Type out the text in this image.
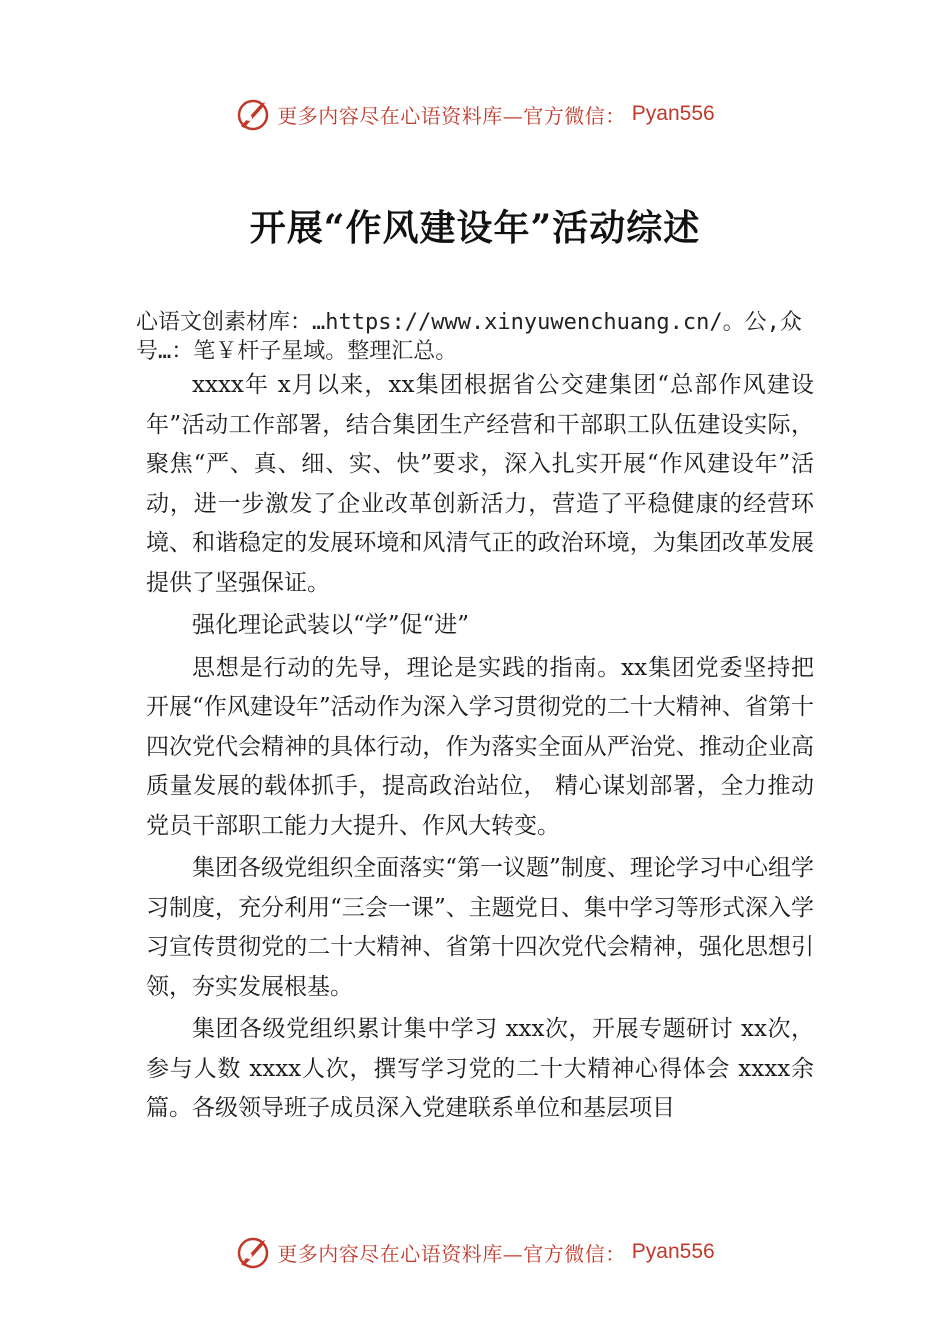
更多内容尽在心语资料库—官方微信： Pyan556
开展“作风建设年”活动综述
心语文创素材库：…https://www.xinyuwenchuang.cn/。公,众号…：笔￥杆子星域。整理汇总。

xxxx年 x月以来，xx集团根据省公交建集团“总部作风建设年”活动工作部署，结合集团生产经营和干部职工队伍建设实际，聚焦“严、真、细、实、快”要求，深入扎实开展“作风建设年”活动，进一步激发了企业改革创新活力，营造了平稳健康的经营环境、和谐稳定的发展环境和风清气正的政治环境，为集团改革发展提供了坚强保证。

强化理论武装以“学”促“进”

思想是行动的先导，理论是实践的指南。xx集团党委坚持把开展“作风建设年”活动作为深入学习贯彻党的二十大精神、省第十四次党代会精神的具体行动，作为落实全面从严治党、推动企业高质量发展的载体抓手，提高政治站位， 精心谋划部署，全力推动党员干部职工能力大提升、作风大转变。

集团各级党组织全面落实“第一议题”制度、理论学习中心组学习制度，充分利用“三会一课”、主题党日、集中学习等形式深入学习宣传贯彻党的二十大精神、省第十四次党代会精神，强化思想引领，夯实发展根基。

集团各级党组织累计集中学习 xxx次，开展专题研讨 xx次，参与人数 xxxx人次，撰写学习党的二十大精神心得体会 xxxx余篇。各级领导班子成员深入党建联系单位和基层项目

更多内容尽在心语资料库—官方微信： Pyan556
